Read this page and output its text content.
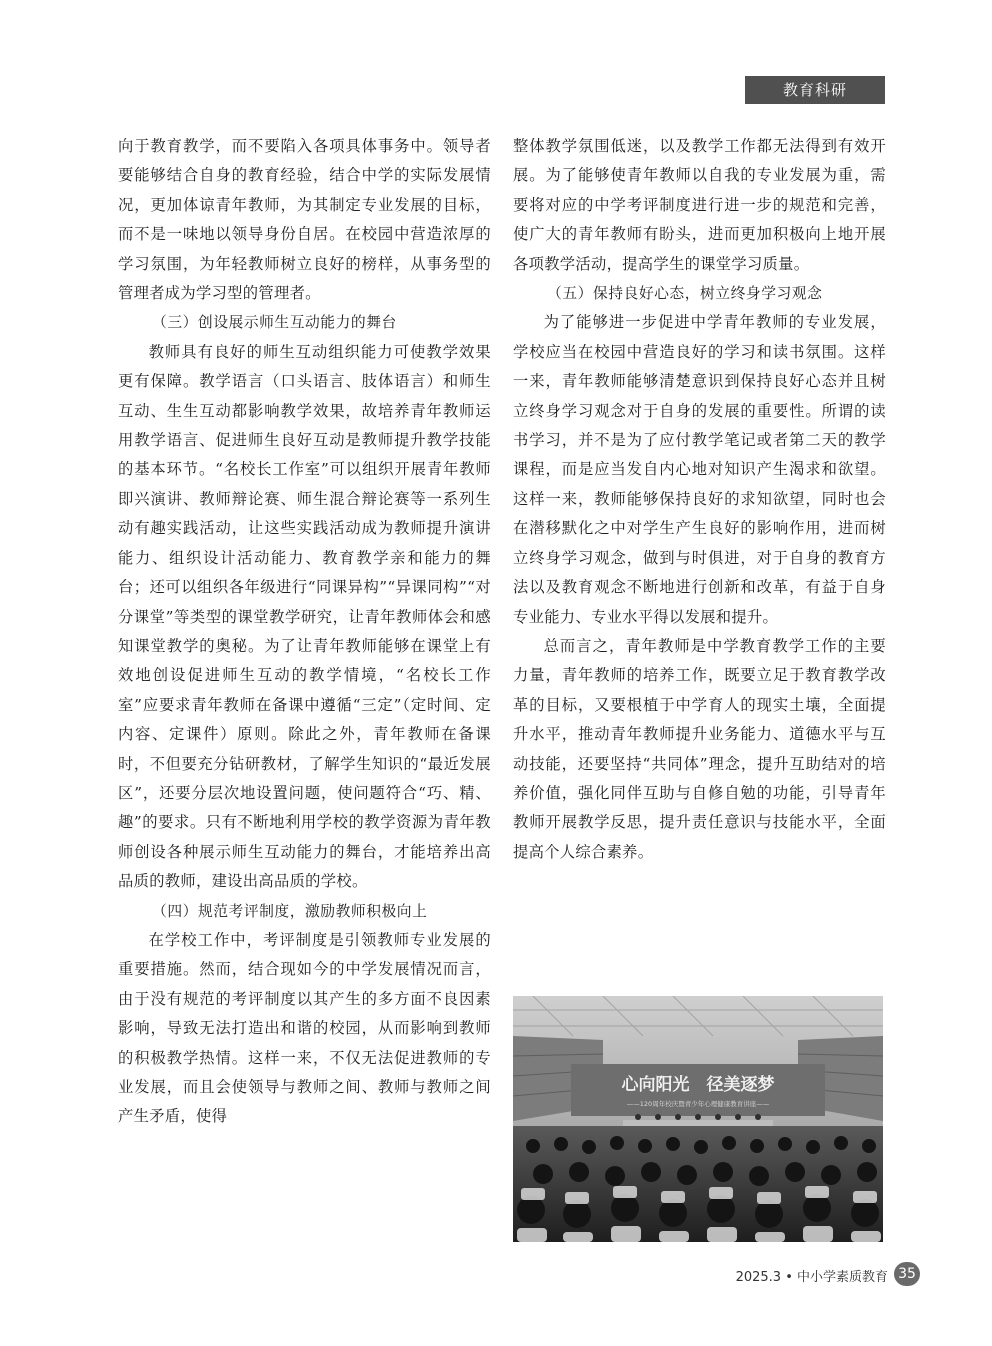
教育科研

向于教育教学，而不要陷入各项具体事务中。领导者要能够结合自身的教育经验，结合中学的实际发展情况，更加体谅青年教师，为其制定专业发展的目标，而不是一味地以领导身份自居。在校园中营造浓厚的学习氛围，为年轻教师树立良好的榜样，从事务型的管理者成为学习型的管理者。

（三）创设展示师生互动能力的舞台

教师具有良好的师生互动组织能力可使教学效果更有保障。教学语言（口头语言、肢体语言）和师生互动、生生互动都影响教学效果，故培养青年教师运用教学语言、促进师生良好互动是教师提升教学技能的基本环节。“名校长工作室”可以组织开展青年教师即兴演讲、教师辩论赛、师生混合辩论赛等一系列生动有趣实践活动，让这些实践活动成为教师提升演讲能力、组织设计活动能力、教育教学亲和能力的舞台；还可以组织各年级进行“同课异构”“异课同构”“对分课堂”等类型的课堂教学研究，让青年教师体会和感知课堂教学的奥秘。为了让青年教师能够在课堂上有效地创设促进师生互动的教学情境，“名校长工作室”应要求青年教师在备课中遵循“三定”（定时间、定内容、定课件）原则。除此之外，青年教师在备课时，不但要充分钻研教材，了解学生知识的“最近发展区”，还要分层次地设置问题，使问题符合“巧、精、趣”的要求。只有不断地利用学校的教学资源为青年教师创设各种展示师生互动能力的舞台，才能培养出高品质的教师，建设出高品质的学校。

（四）规范考评制度，激励教师积极向上

在学校工作中，考评制度是引领教师专业发展的重要措施。然而，结合现如今的中学发展情况而言，由于没有规范的考评制度以其产生的多方面不良因素影响，导致无法打造出和谐的校园，从而影响到教师的积极教学热情。这样一来，不仅无法促进教师的专业发展，而且会使领导与教师之间、教师与教师之间产生矛盾，使得

整体教学氛围低迷，以及教学工作都无法得到有效开展。为了能够使青年教师以自我的专业发展为重，需要将对应的中学考评制度进行进一步的规范和完善，使广大的青年教师有盼头，进而更加积极向上地开展各项教学活动，提高学生的课堂学习质量。

（五）保持良好心态，树立终身学习观念

为了能够进一步促进中学青年教师的专业发展，学校应当在校园中营造良好的学习和读书氛围。这样一来，青年教师能够清楚意识到保持良好心态并且树立终身学习观念对于自身的发展的重要性。所谓的读书学习，并不是为了应付教学笔记或者第二天的教学课程，而是应当发自内心地对知识产生渴求和欲望。这样一来，教师能够保持良好的求知欲望，同时也会在潜移默化之中对学生产生良好的影响作用，进而树立终身学习观念，做到与时俱进，对于自身的教育方法以及教育观念不断地进行创新和改革，有益于自身专业能力、专业水平得以发展和提升。

总而言之，青年教师是中学教育教学工作的主要力量，青年教师的培养工作，既要立足于教育教学改革的目标，又要根植于中学育人的现实土壤，全面提升水平，推动青年教师提升业务能力、道德水平与互动技能，还要坚持“共同体”理念，提升互助结对的培养价值，强化同伴互助与自修自勉的功能，引导青年教师开展教学反思，提升责任意识与技能水平，全面提高个人综合素养。

心向阳光　径美逐梦
——120周年校庆暨青少年心理健康教育讲座——
2025.3 • 中小学素质教育 35
